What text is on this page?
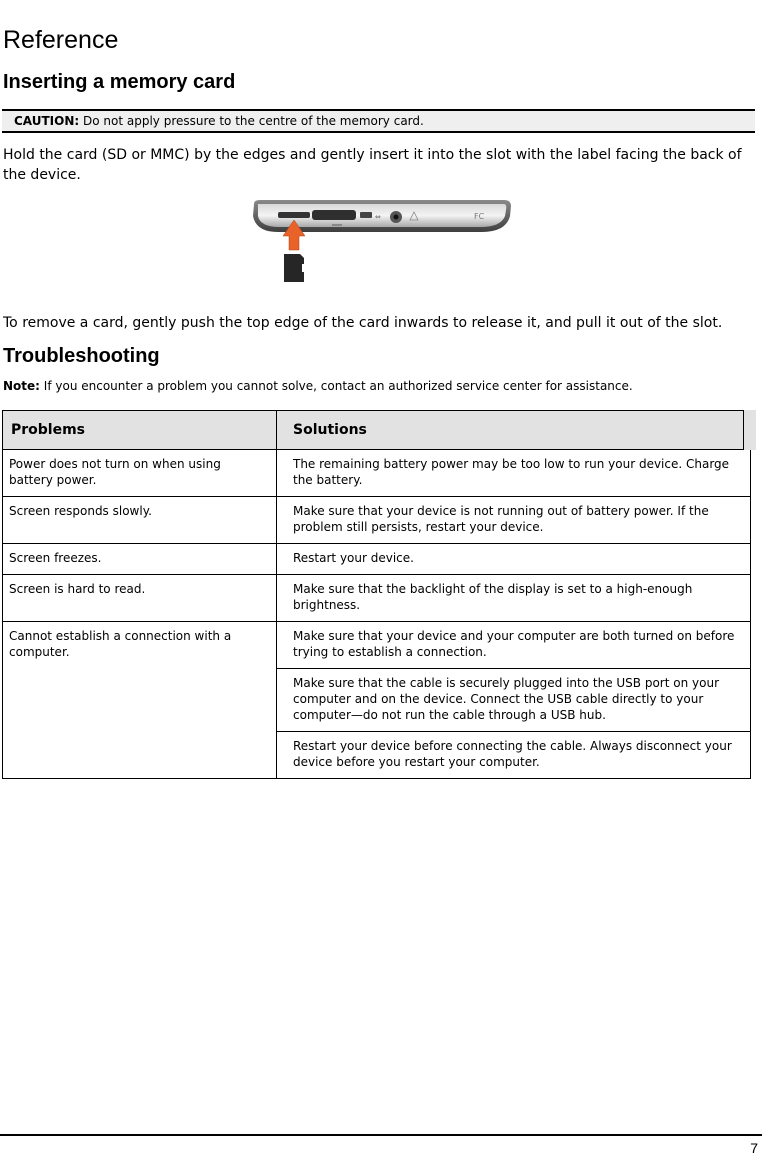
Reference
Inserting a memory card
CAUTION: Do not apply pressure to the centre of the memory card.
Hold the card (SD or MMC) by the edges and gently insert it into the slot with the label facing the back of the device.
⇔	FC
To remove a card, gently push the top edge of the card inwards to release it, and pull it out of the slot.
Troubleshooting
Note: If you encounter a problem you cannot solve, contact an authorized service center for assistance.
Problems	Solutions
Power does not turn on when using battery power.	The remaining battery power may be too low to run your device. Charge the battery.
Screen responds slowly.	Make sure that your device is not running out of battery power. If the problem still persists, restart your device.
Screen freezes.	Restart your device.
Screen is hard to read.	Make sure that the backlight of the display is set to a high-enough brightness.
Cannot establish a connection with a computer.	Make sure that your device and your computer are both turned on before trying to establish a connection.
	Make sure that the cable is securely plugged into the USB port on your computer and on the device. Connect the USB cable directly to your computer—do not run the cable through a USB hub.
	Restart your device before connecting the cable. Always disconnect your device before you restart your computer.
7
